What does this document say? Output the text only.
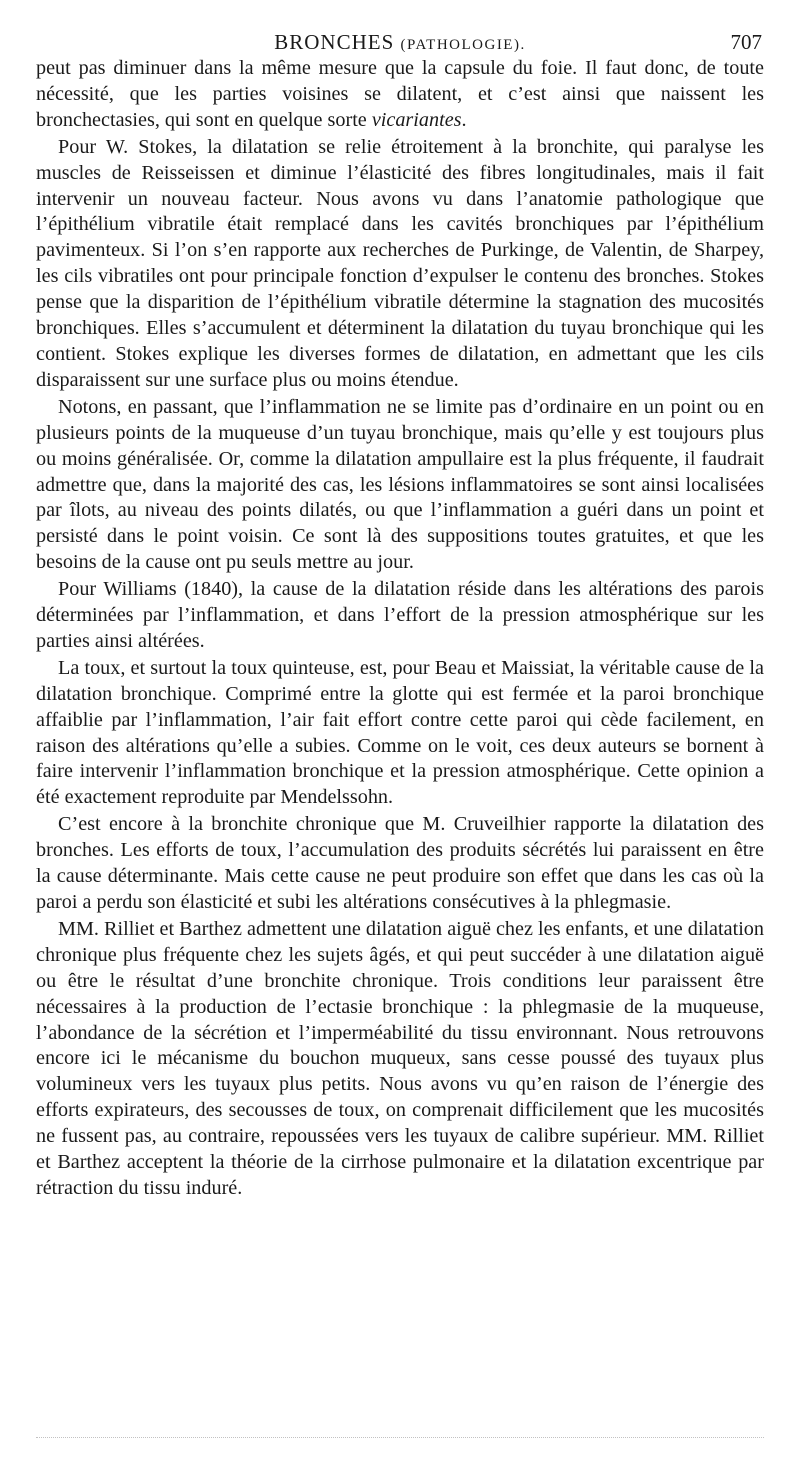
BRONCHES (PATHOLOGIE).	707

peut pas diminuer dans la même mesure que la capsule du foie. Il faut donc, de toute nécessité, que les parties voisines se dilatent, et c’est ainsi que naissent les bronchectasies, qui sont en quelque sorte vicariantes.

Pour W. Stokes, la dilatation se relie étroitement à la bronchite, qui paralyse les muscles de Reisseissen et diminue l’élasticité des fibres longitudinales, mais il fait intervenir un nouveau facteur. Nous avons vu dans l’anatomie pathologique que l’épithélium vibratile était remplacé dans les cavités bronchiques par l’épithélium pavimenteux. Si l’on s’en rapporte aux recherches de Purkinge, de Valentin, de Sharpey, les cils vibratiles ont pour principale fonction d’expulser le contenu des bronches. Stokes pense que la disparition de l’épithélium vibratile détermine la stagnation des mucosités bronchiques. Elles s’accumulent et déterminent la dilatation du tuyau bronchique qui les contient. Stokes explique les diverses formes de dilatation, en admettant que les cils disparaissent sur une surface plus ou moins étendue.

Notons, en passant, que l’inflammation ne se limite pas d’ordinaire en un point ou en plusieurs points de la muqueuse d’un tuyau bronchique, mais qu’elle y est toujours plus ou moins généralisée. Or, comme la dilatation ampullaire est la plus fréquente, il faudrait admettre que, dans la majorité des cas, les lésions inflammatoires se sont ainsi localisées par îlots, au niveau des points dilatés, ou que l’inflammation a guéri dans un point et persisté dans le point voisin. Ce sont là des suppositions toutes gratuites, et que les besoins de la cause ont pu seuls mettre au jour.

Pour Williams (1840), la cause de la dilatation réside dans les altérations des parois déterminées par l’inflammation, et dans l’effort de la pression atmosphérique sur les parties ainsi altérées.

La toux, et surtout la toux quinteuse, est, pour Beau et Maissiat, la véritable cause de la dilatation bronchique. Comprimé entre la glotte qui est fermée et la paroi bronchique affaiblie par l’inflammation, l’air fait effort contre cette paroi qui cède facilement, en raison des altérations qu’elle a subies. Comme on le voit, ces deux auteurs se bornent à faire intervenir l’inflammation bronchique et la pression atmosphérique. Cette opinion a été exactement reproduite par Mendelssohn.

C’est encore à la bronchite chronique que M. Cruveilhier rapporte la dilatation des bronches. Les efforts de toux, l’accumulation des produits sécrétés lui paraissent en être la cause déterminante. Mais cette cause ne peut produire son effet que dans les cas où la paroi a perdu son élasticité et subi les altérations consécutives à la phlegmasie.

MM. Rilliet et Barthez admettent une dilatation aiguë chez les enfants, et une dilatation chronique plus fréquente chez les sujets âgés, et qui peut succéder à une dilatation aiguë ou être le résultat d’une bronchite chronique. Trois conditions leur paraissent être nécessaires à la production de l’ectasie bronchique : la phlegmasie de la muqueuse, l’abondance de la sécrétion et l’imperméabilité du tissu environnant. Nous retrouvons encore ici le mécanisme du bouchon muqueux, sans cesse poussé des tuyaux plus volumineux vers les tuyaux plus petits. Nous avons vu qu’en raison de l’énergie des efforts expirateurs, des secousses de toux, on comprenait difficilement que les mucosités ne fussent pas, au contraire, repoussées vers les tuyaux de calibre supérieur. MM. Rilliet et Barthez acceptent la théorie de la cirrhose pulmonaire et la dilatation excentrique par rétraction du tissu induré.
